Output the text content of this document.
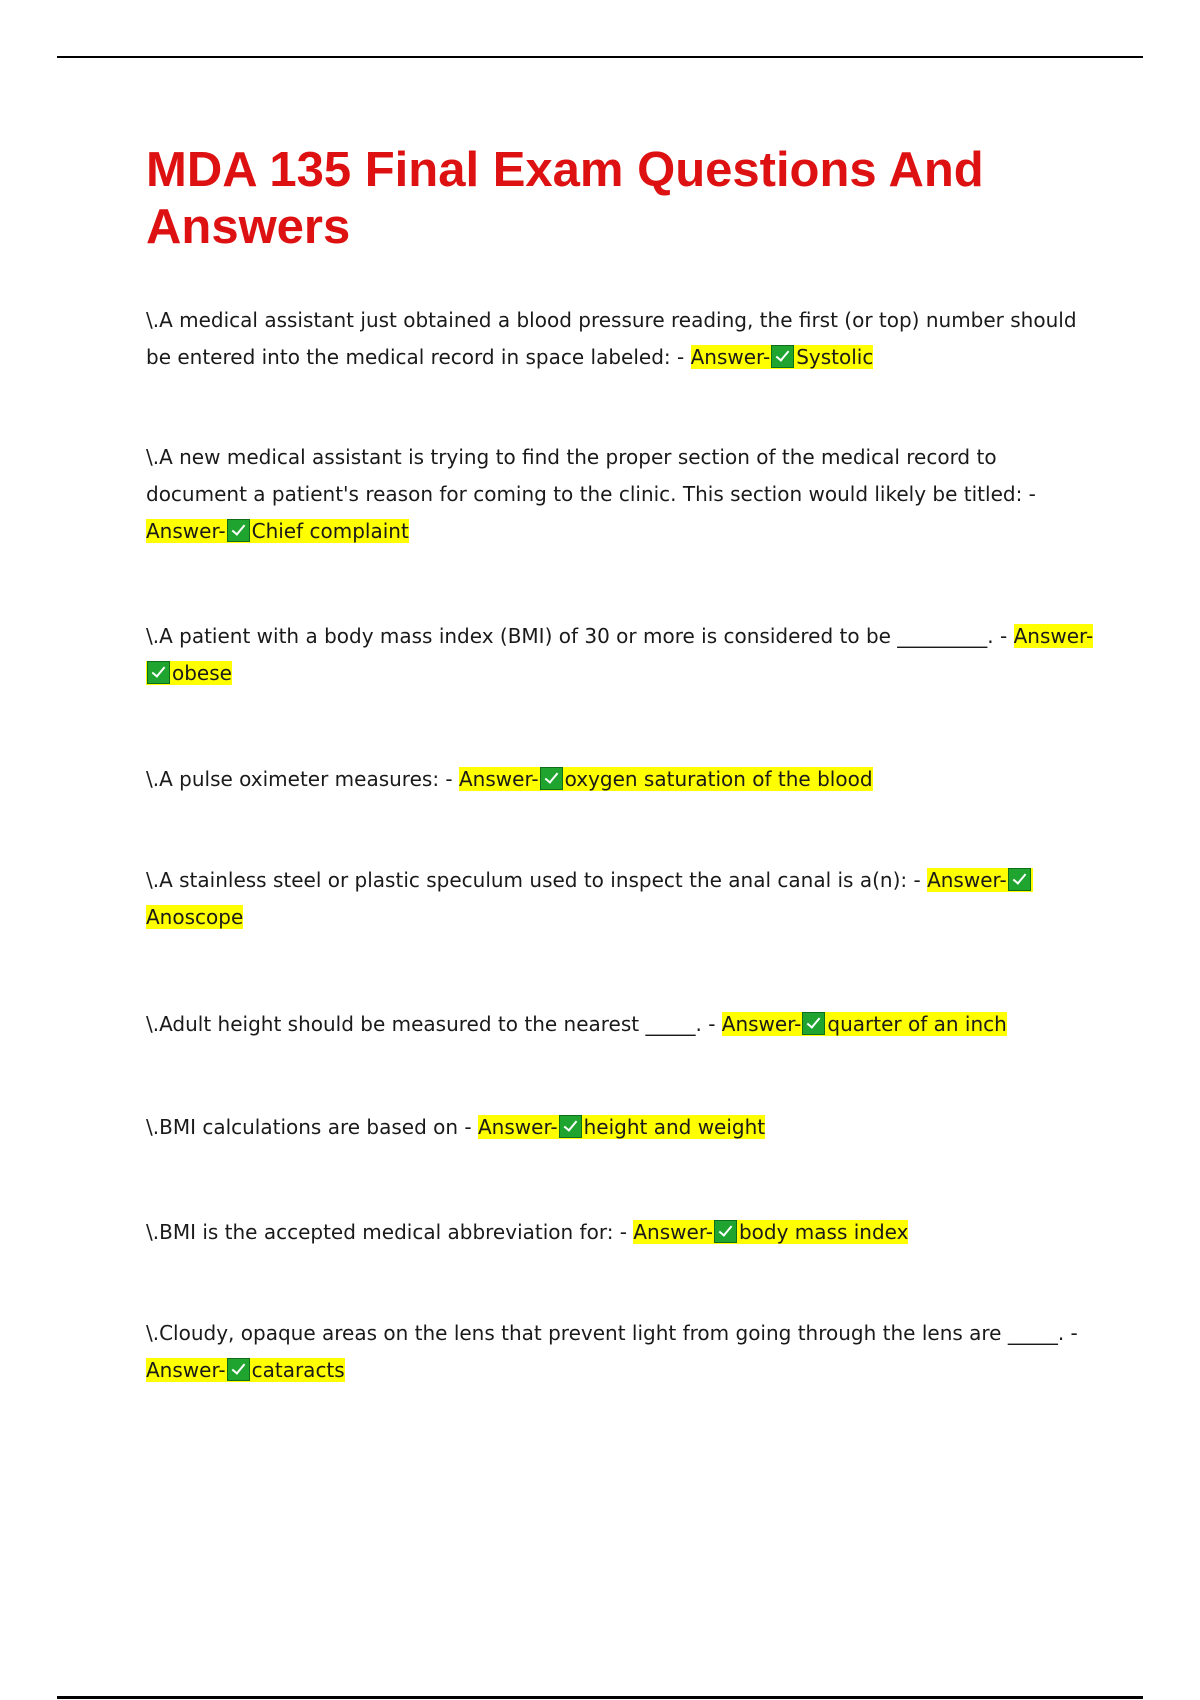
MDA 135 Final Exam Questions And Answers

\.A medical assistant just obtained a blood pressure reading, the first (or top) number should be entered into the medical record in space labeled: - Answer- Systolic

\.A new medical assistant is trying to find the proper section of the medical record to document a patient's reason for coming to the clinic. This section would likely be titled: - Answer- Chief complaint

\.A patient with a body mass index (BMI) of 30 or more is considered to be _________. - Answer-obese

\.A pulse oximeter measures: - Answer- oxygen saturation of the blood

\.A stainless steel or plastic speculum used to inspect the anal canal is a(n): - Answer-Anoscope

\.Adult height should be measured to the nearest _____. - Answer- quarter of an inch

\.BMI calculations are based on - Answer- height and weight

\.BMI is the accepted medical abbreviation for: - Answer- body mass index

\.Cloudy, opaque areas on the lens that prevent light from going through the lens are _____. - Answer- cataracts
